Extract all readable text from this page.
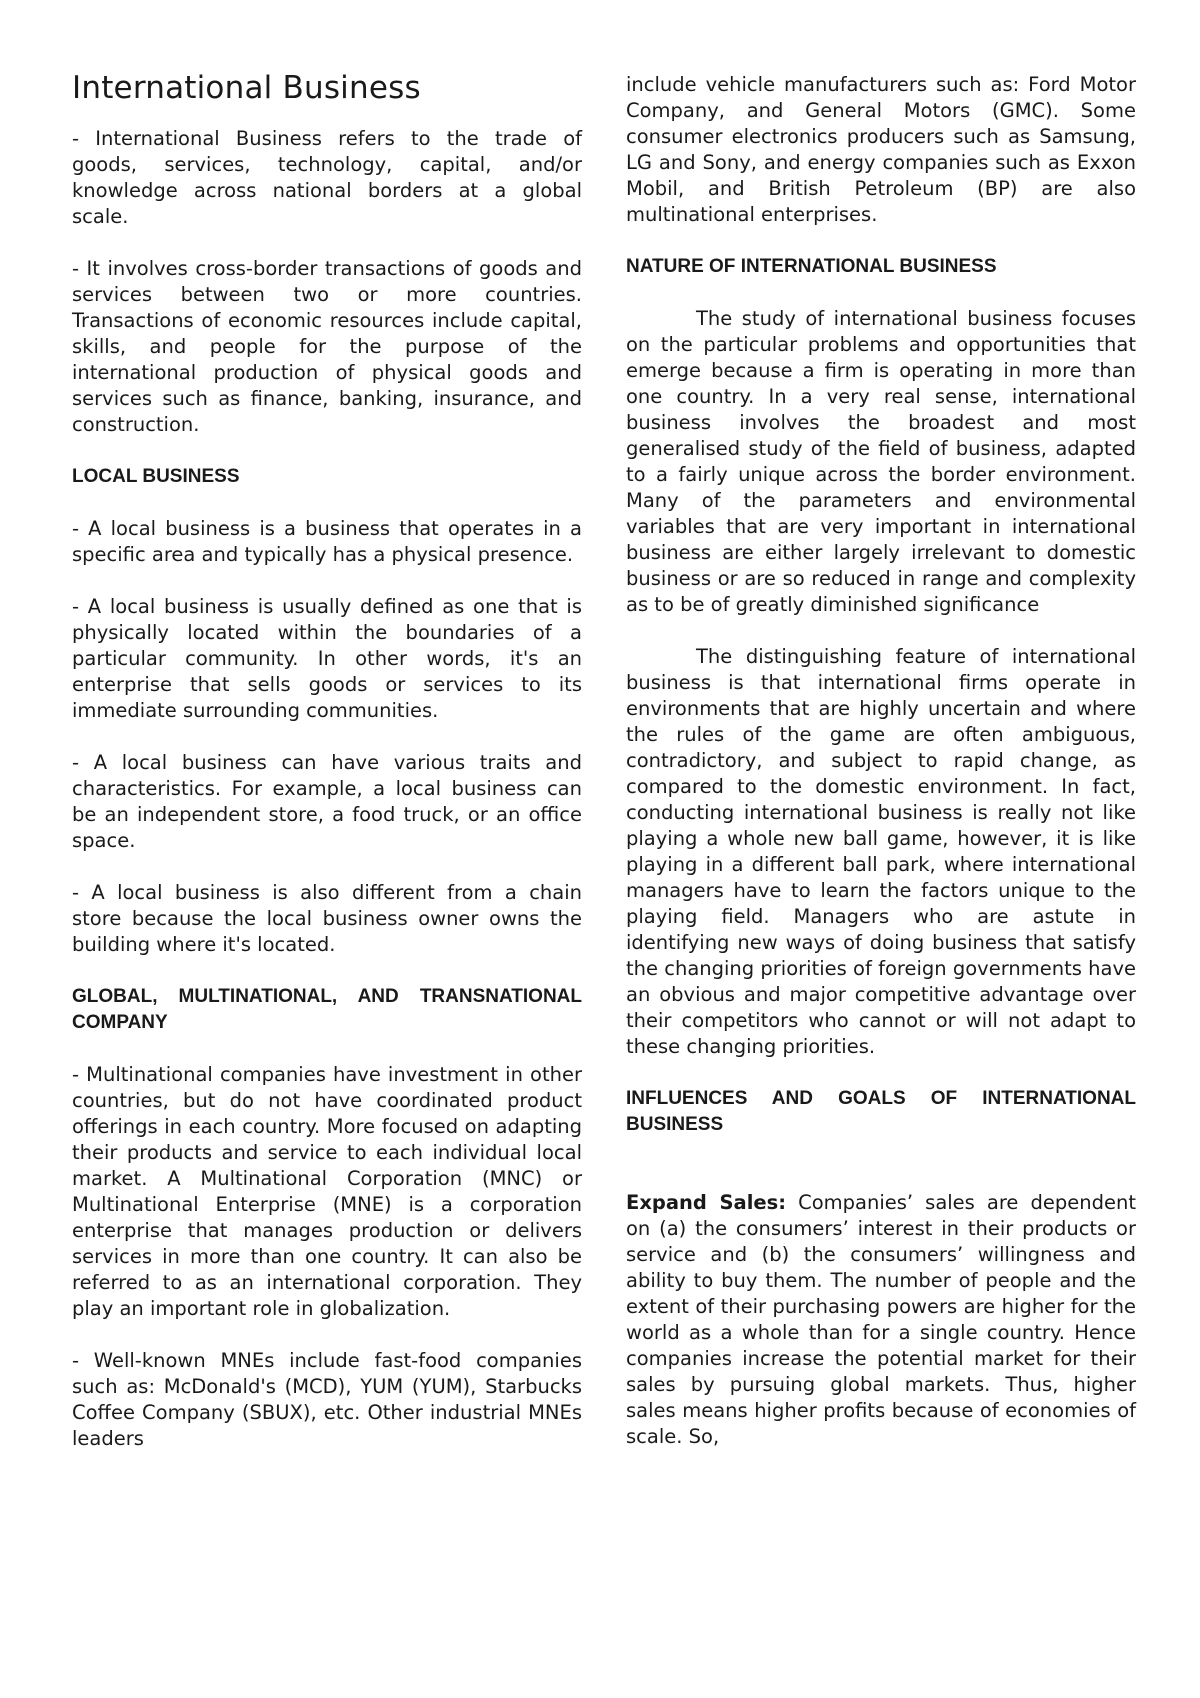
International Business

- International Business refers to the trade of goods, services, technology, capital, and/or knowledge across national borders at a global scale.

- It involves cross-border transactions of goods and services between two or more countries. Transactions of economic resources include capital, skills, and people for the purpose of the international production of physical goods and services such as finance, banking, insurance, and construction.

LOCAL BUSINESS

- A local business is a business that operates in a specific area and typically has a physical presence.

- A local business is usually defined as one that is physically located within the boundaries of a particular community. In other words, it's an enterprise that sells goods or services to its immediate surrounding communities.

- A local business can have various traits and characteristics. For example, a local business can be an independent store, a food truck, or an office space.

- A local business is also different from a chain store because the local business owner owns the building where it's located.

GLOBAL, MULTINATIONAL, AND TRANSNATIONAL COMPANY

- Multinational companies have investment in other countries, but do not have coordinated product offerings in each country. More focused on adapting their products and service to each individual local market. A Multinational Corporation (MNC) or Multinational Enterprise (MNE) is a corporation enterprise that manages production or delivers services in more than one country. It can also be referred to as an international corporation. They play an important role in globalization.

- Well-known MNEs include fast-food companies such as: McDonald's (MCD), YUM (YUM), Starbucks Coffee Company (SBUX), etc. Other industrial MNEs leaders

include vehicle manufacturers such as: Ford Motor Company, and General Motors (GMC). Some consumer electronics producers such as Samsung, LG and Sony, and energy companies such as Exxon Mobil, and British Petroleum (BP) are also multinational enterprises.

NATURE OF INTERNATIONAL BUSINESS

The study of international business focuses on the particular problems and opportunities that emerge because a firm is operating in more than one country. In a very real sense, international business involves the broadest and most generalised study of the field of business, adapted to a fairly unique across the border environment. Many of the parameters and environmental variables that are very important in international business are either largely irrelevant to domestic business or are so reduced in range and complexity as to be of greatly diminished significance

The distinguishing feature of international business is that international firms operate in environments that are highly uncertain and where the rules of the game are often ambiguous, contradictory, and subject to rapid change, as compared to the domestic environment. In fact, conducting international business is really not like playing a whole new ball game, however, it is like playing in a different ball park, where international managers have to learn the factors unique to the playing field. Managers who are astute in identifying new ways of doing business that satisfy the changing priorities of foreign governments have an obvious and major competitive advantage over their competitors who cannot or will not adapt to these changing priorities.

INFLUENCES AND GOALS OF INTERNATIONAL BUSINESS

Expand Sales: Companies’ sales are dependent on (a) the consumers’ interest in their products or service and (b) the consumers’ willingness and ability to buy them. The number of people and the extent of their purchasing powers are higher for the world as a whole than for a single country. Hence companies increase the potential market for their sales by pursuing global markets. Thus, higher sales means higher profits because of economies of scale. So,
